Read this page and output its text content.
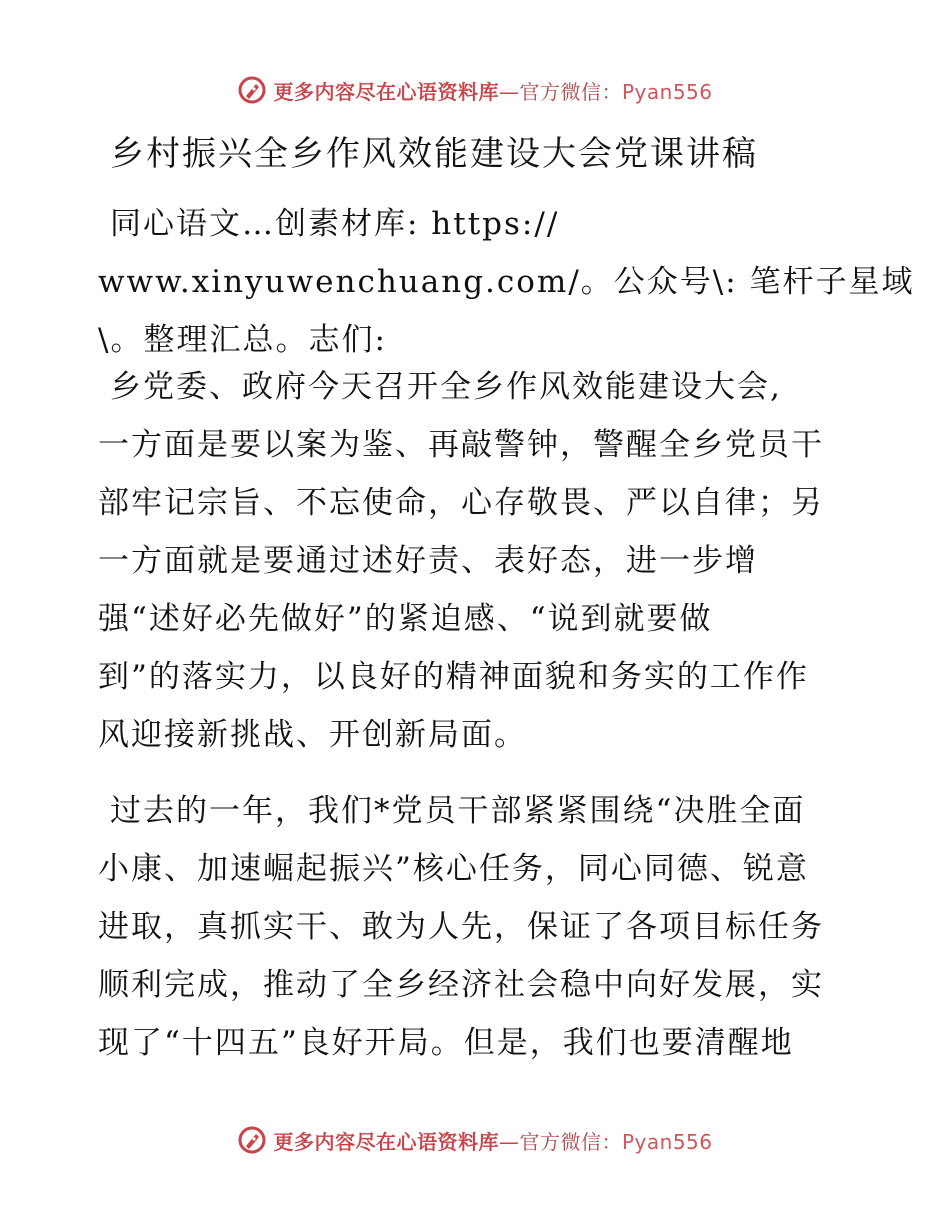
更多内容尽在心语资料库—官方微信：Pyan556
乡村振兴全乡作风效能建设大会党课讲稿
同心语文…创素材库: https://
www.xinyuwenchuang.com/。公众号\: 笔杆子星域
\。整理汇总。志们:
乡党委、政府今天召开全乡作风效能建设大会,
一方面是要以案为鉴、再敲警钟，警醒全乡党员干
部牢记宗旨、不忘使命，心存敬畏、严以自律；另
一方面就是要通过述好责、表好态，进一步增
强“述好必先做好”的紧迫感、“说到就要做
到”的落实力，以良好的精神面貌和务实的工作作
风迎接新挑战、开创新局面。
过去的一年，我们*党员干部紧紧围绕“决胜全面
小康、加速崛起振兴”核心任务，同心同德、锐意
进取，真抓实干、敢为人先，保证了各项目标任务
顺利完成，推动了全乡经济社会稳中向好发展，实
现了“十四五”良好开局。但是，我们也要清醒地
更多内容尽在心语资料库—官方微信：Pyan556
